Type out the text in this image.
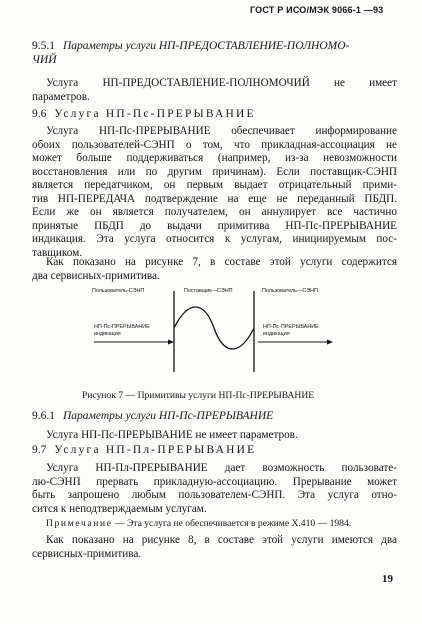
ГОСТ Р ИСО/МЭК 9066-1 —93
9.5.1 Параметры услуги НП-ПРЕДОСТАВЛЕНИЕ-ПОЛНОМО-
ЧИЙ
Услуга НП-ПРЕДОСТАВЛЕНИЕ-ПОЛНОМОЧИЙ не имеет
параметров.
9.6 Услуга НП-Пс-ПРЕРЫВАНИЕ
Услуга НП-Пс-ПРЕРЫВАНИЕ обеспечивает информирование
обоих пользователей-СЭНП о том, что прикладная-ассоциация не
может больше поддерживаться (например, из-за невозможности
восстановления или по другим причинам). Если поставщик-СЭНП
является передатчиком, он первым выдает отрицательный прими-
тив НП-ПЕРЕДАЧА подтверждение на еще не переданный ПБДП.
Если же он является получателем, он аннулирует все частично
принятые ПБДП до выдачи примитива НП-Пс-ПРЕРЫВАНИЕ
индикация. Эта услуга относится к услугам, инициируемым пос-
тавщиком.
Как показано на рисунке 7, в составе этой услуги содержится
два сервисных-примитива.
Пользователь-СЭНП	Поставщик—СЭНП	Пользователь—СЭНП
НП-Пс-ПРЕРЫВАНИЕ
индикация
НП-Пс-ПРЕРЫВАНИЕ
индикация
Рисунок 7 — Примитивы услуги НП-Пс-ПРЕРЫВАНИЕ
9.6.1 Параметры услуги НП-Пс-ПРЕРЫВАНИЕ
Услуга НП-Пс-ПРЕРЫВАНИЕ не имеет параметров.
9.7 Услуга НП-Пл-ПРЕРЫВАНИЕ
Услуга НП-Пл-ПРЕРЫВАНИЕ дает возможность пользовате-
лю-СЭНП прервать прикладную-ассоциацию. Прерывание может
быть запрошено любым пользователем-СЭНП. Эта услуга отно-
сится к неподтверждаемым услугам.
Примечание — Эта услуга не обеспечивается в режиме X.410 — 1984.
Как показано на рисунке 8, в составе этой услуги имеются два
сервисных-примитива.
19
